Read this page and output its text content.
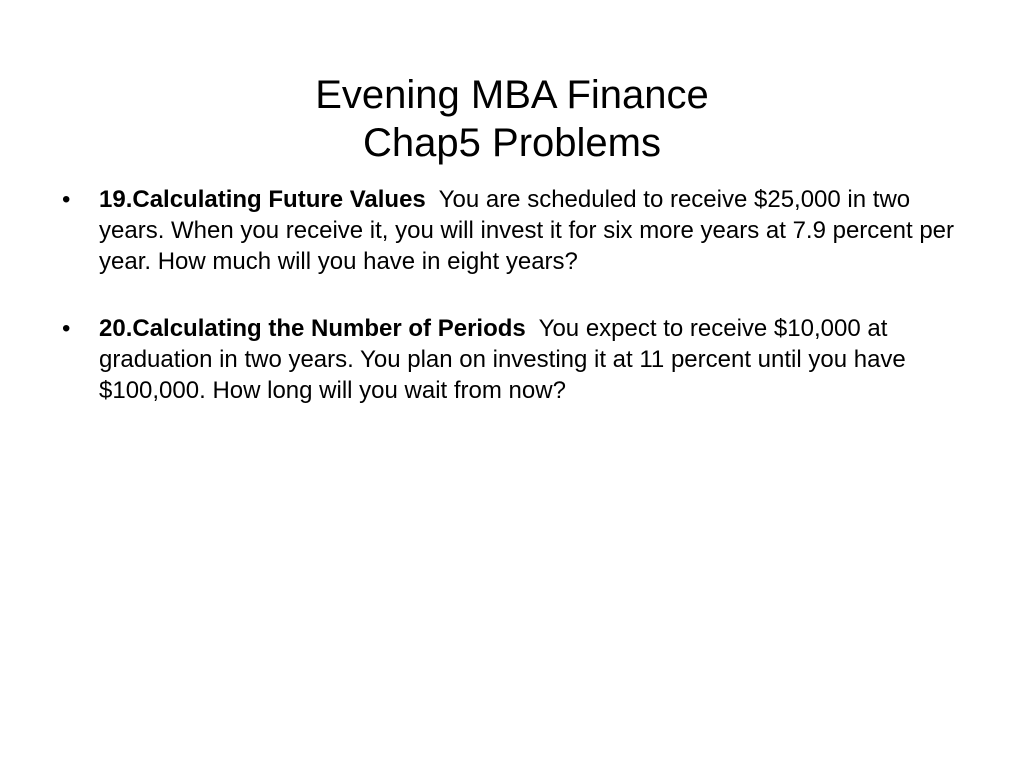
Evening MBA Finance
Chap5 Problems
•	19.Calculating Future Values You are scheduled to receive $25,000 in two years. When you receive it, you will invest it for six more years at 7.9 percent per year. How much will you have in eight years?
•	20.Calculating the Number of Periods You expect to receive $10,000 at graduation in two years. You plan on investing it at 11 percent until you have $100,000. How long will you wait from now?
